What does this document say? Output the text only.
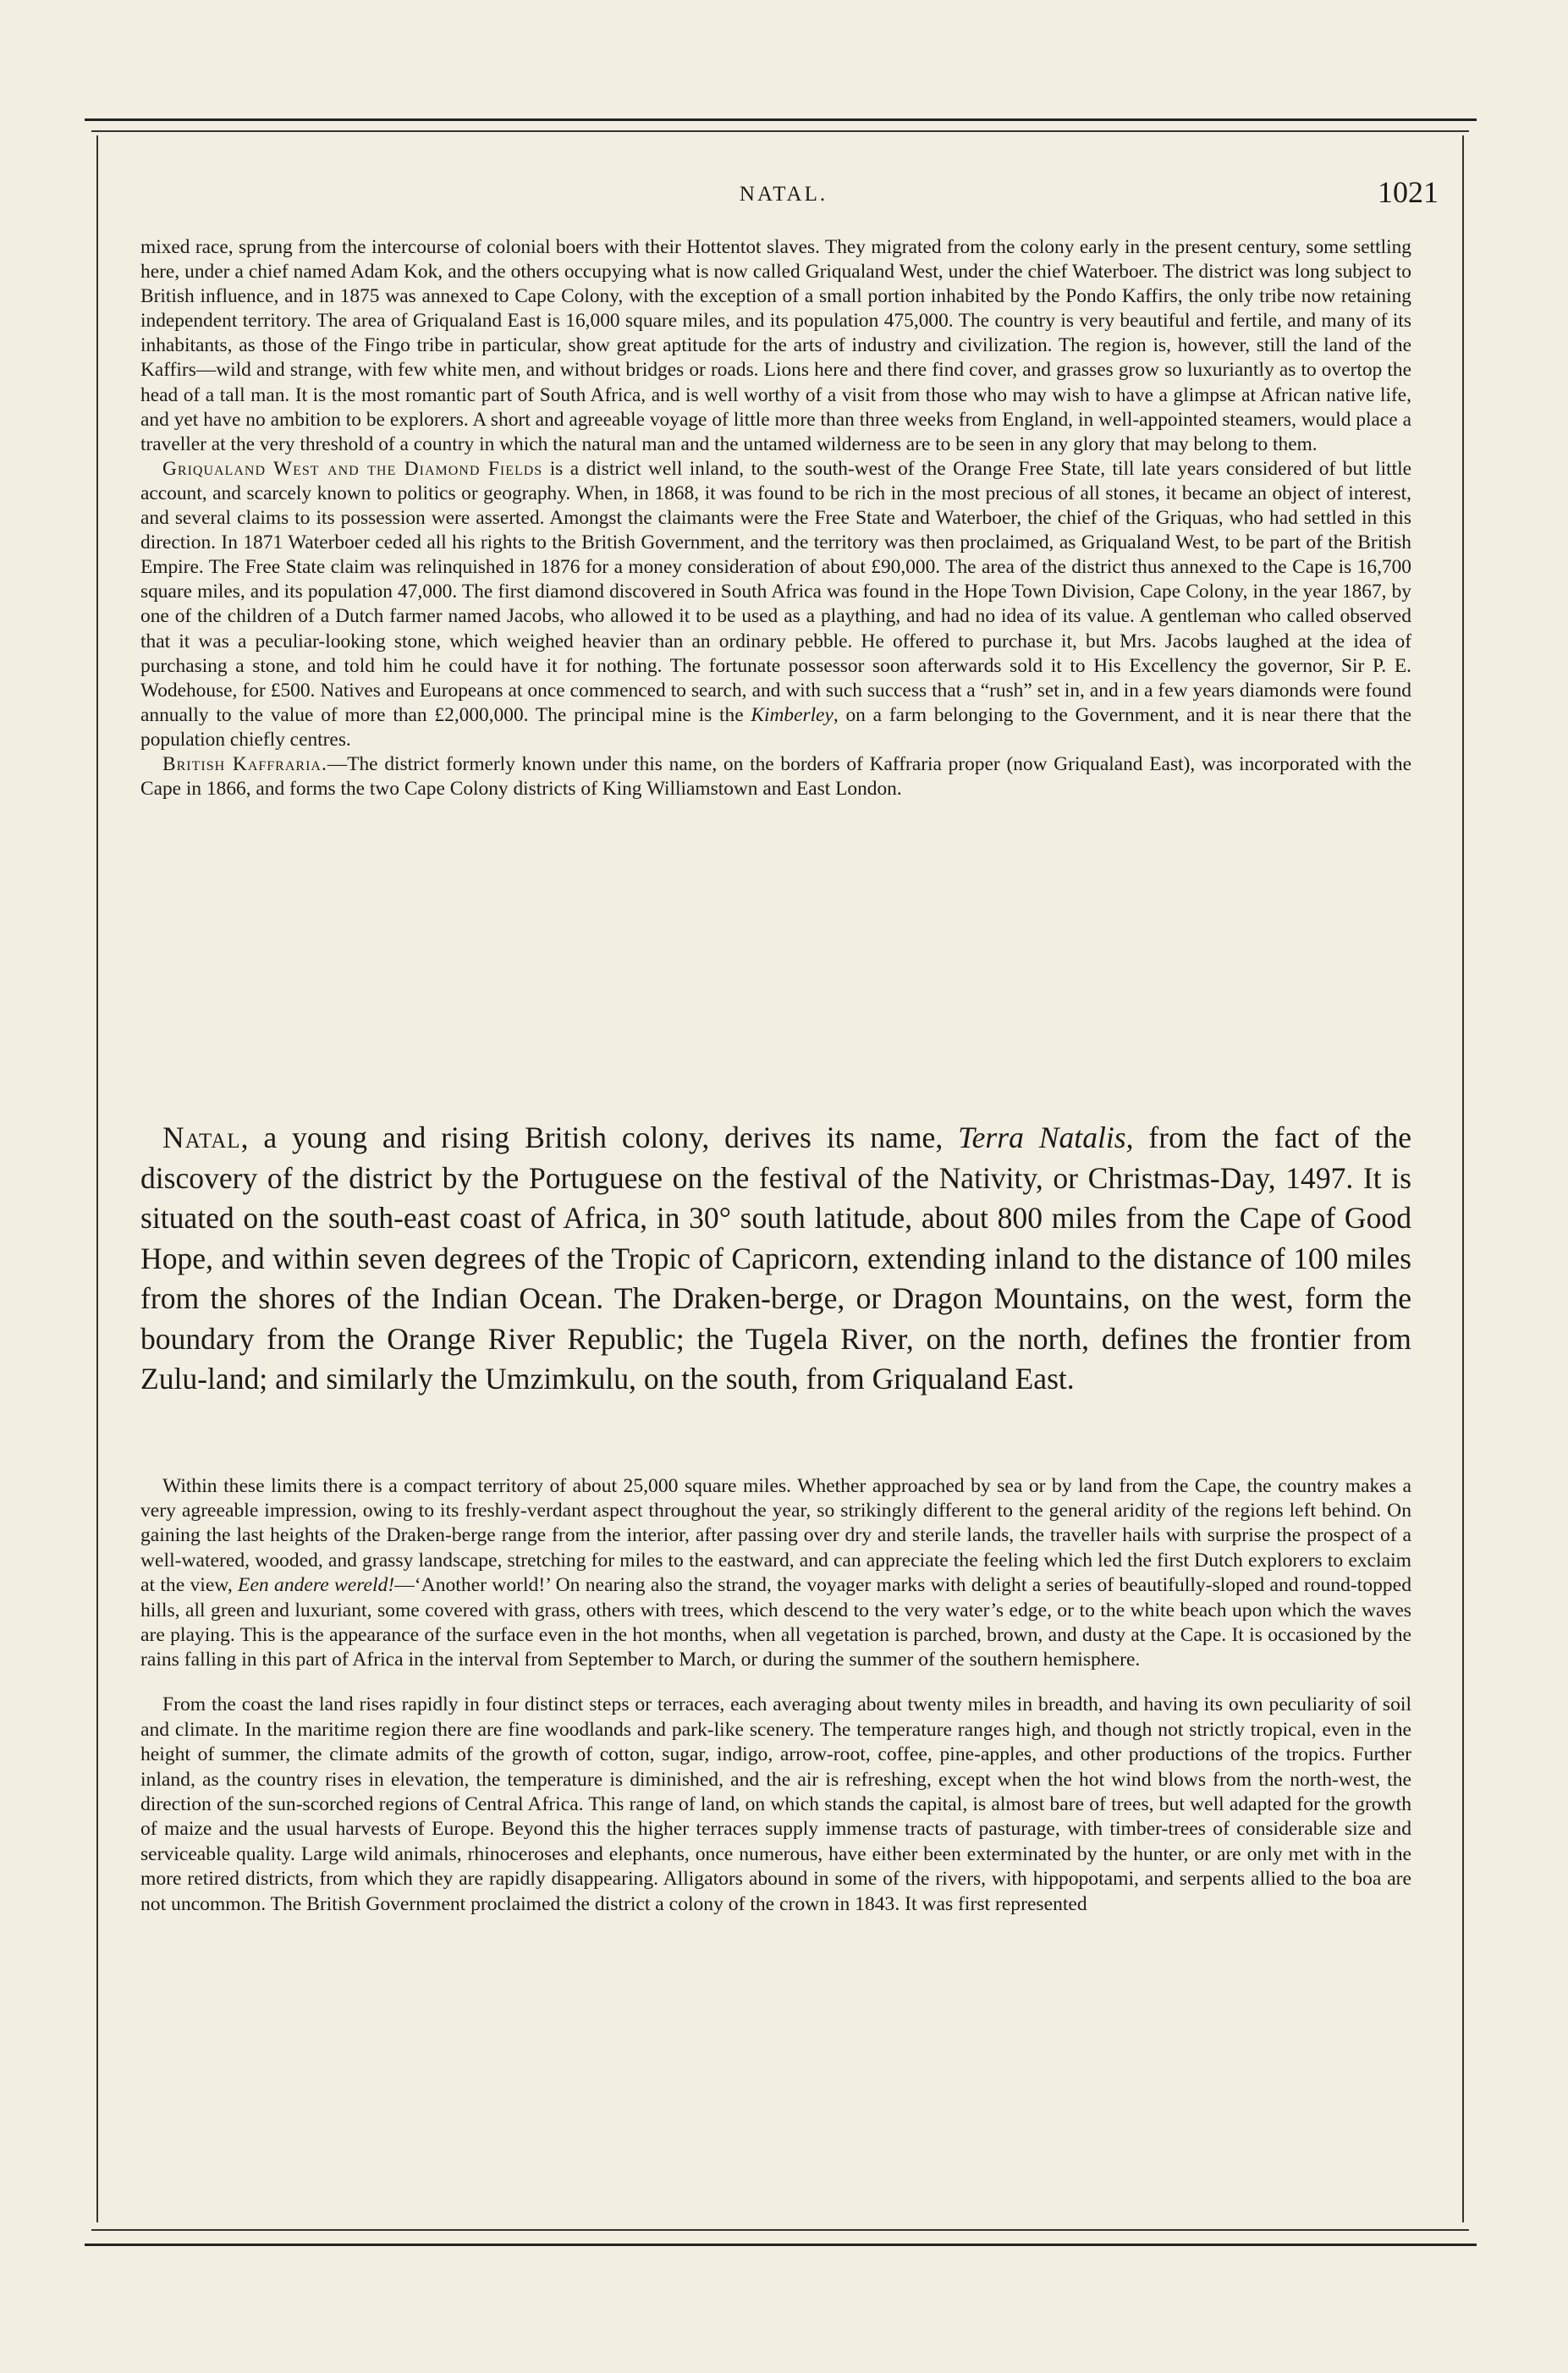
NATAL.	1021

mixed race, sprung from the intercourse of colonial boers with their Hottentot slaves. They migrated from the colony early in the present century, some settling here, under a chief named Adam Kok, and the others occupying what is now called Griqualand West, under the chief Waterboer. The district was long subject to British influence, and in 1875 was annexed to Cape Colony, with the exception of a small portion inhabited by the Pondo Kaffirs, the only tribe now retaining independent territory. The area of Griqualand East is 16,000 square miles, and its population 475,000. The country is very beautiful and fertile, and many of its inhabitants, as those of the Fingo tribe in particular, show great aptitude for the arts of industry and civilization. The region is, however, still the land of the Kaffirs—wild and strange, with few white men, and without bridges or roads. Lions here and there find cover, and grasses grow so luxuriantly as to overtop the head of a tall man. It is the most romantic part of South Africa, and is well worthy of a visit from those who may wish to have a glimpse at African native life, and yet have no ambition to be explorers. A short and agreeable voyage of little more than three weeks from England, in well-appointed steamers, would place a traveller at the very threshold of a country in which the natural man and the untamed wilderness are to be seen in any glory that may belong to them.

Griqualand West and the Diamond Fields is a district well inland, to the south-west of the Orange Free State, till late years considered of but little account, and scarcely known to politics or geography. When, in 1868, it was found to be rich in the most precious of all stones, it became an object of interest, and several claims to its possession were asserted. Amongst the claimants were the Free State and Waterboer, the chief of the Griquas, who had settled in this direction. In 1871 Waterboer ceded all his rights to the British Government, and the territory was then proclaimed, as Griqualand West, to be part of the British Empire. The Free State claim was relinquished in 1876 for a money consideration of about £90,000. The area of the district thus annexed to the Cape is 16,700 square miles, and its population 47,000. The first diamond discovered in South Africa was found in the Hope Town Division, Cape Colony, in the year 1867, by one of the children of a Dutch farmer named Jacobs, who allowed it to be used as a plaything, and had no idea of its value. A gentleman who called observed that it was a peculiar-looking stone, which weighed heavier than an ordinary pebble. He offered to purchase it, but Mrs. Jacobs laughed at the idea of purchasing a stone, and told him he could have it for nothing. The fortunate possessor soon afterwards sold it to His Excellency the governor, Sir P. E. Wodehouse, for £500. Natives and Europeans at once commenced to search, and with such success that a “rush” set in, and in a few years diamonds were found annually to the value of more than £2,000,000. The principal mine is the Kimberley, on a farm belonging to the Government, and it is near there that the population chiefly centres.

British Kaffraria.—The district formerly known under this name, on the borders of Kaffraria proper (now Griqualand East), was incorporated with the Cape in 1866, and forms the two Cape Colony districts of King Williamstown and East London.

Natal, a young and rising British colony, derives its name, Terra Natalis, from the fact of the discovery of the district by the Portuguese on the festival of the Nativity, or Christmas-Day, 1497. It is situated on the south-east coast of Africa, in 30° south latitude, about 800 miles from the Cape of Good Hope, and within seven degrees of the Tropic of Capricorn, extending inland to the distance of 100 miles from the shores of the Indian Ocean. The Draken-berge, or Dragon Mountains, on the west, form the boundary from the Orange River Republic; the Tugela River, on the north, defines the frontier from Zulu-land; and similarly the Umzimkulu, on the south, from Griqualand East.

Within these limits there is a compact territory of about 25,000 square miles. Whether approached by sea or by land from the Cape, the country makes a very agreeable impression, owing to its freshly-verdant aspect throughout the year, so strikingly different to the general aridity of the regions left behind. On gaining the last heights of the Draken-berge range from the interior, after passing over dry and sterile lands, the traveller hails with surprise the prospect of a well-watered, wooded, and grassy landscape, stretching for miles to the eastward, and can appreciate the feeling which led the first Dutch explorers to exclaim at the view, Een andere wereld!—‘Another world!’ On nearing also the strand, the voyager marks with delight a series of beautifully-sloped and round-topped hills, all green and luxuriant, some covered with grass, others with trees, which descend to the very water’s edge, or to the white beach upon which the waves are playing. This is the appearance of the surface even in the hot months, when all vegetation is parched, brown, and dusty at the Cape. It is occasioned by the rains falling in this part of Africa in the interval from September to March, or during the summer of the southern hemisphere.

From the coast the land rises rapidly in four distinct steps or terraces, each averaging about twenty miles in breadth, and having its own peculiarity of soil and climate. In the maritime region there are fine woodlands and park-like scenery. The temperature ranges high, and though not strictly tropical, even in the height of summer, the climate admits of the growth of cotton, sugar, indigo, arrow-root, coffee, pine-apples, and other productions of the tropics. Further inland, as the country rises in elevation, the temperature is diminished, and the air is refreshing, except when the hot wind blows from the north-west, the direction of the sun-scorched regions of Central Africa. This range of land, on which stands the capital, is almost bare of trees, but well adapted for the growth of maize and the usual harvests of Europe. Beyond this the higher terraces supply immense tracts of pasturage, with timber-trees of considerable size and serviceable quality. Large wild animals, rhinoceroses and elephants, once numerous, have either been exterminated by the hunter, or are only met with in the more retired districts, from which they are rapidly disappearing. Alligators abound in some of the rivers, with hippopotami, and serpents allied to the boa are not uncommon. The British Government proclaimed the district a colony of the crown in 1843. It was first represented
